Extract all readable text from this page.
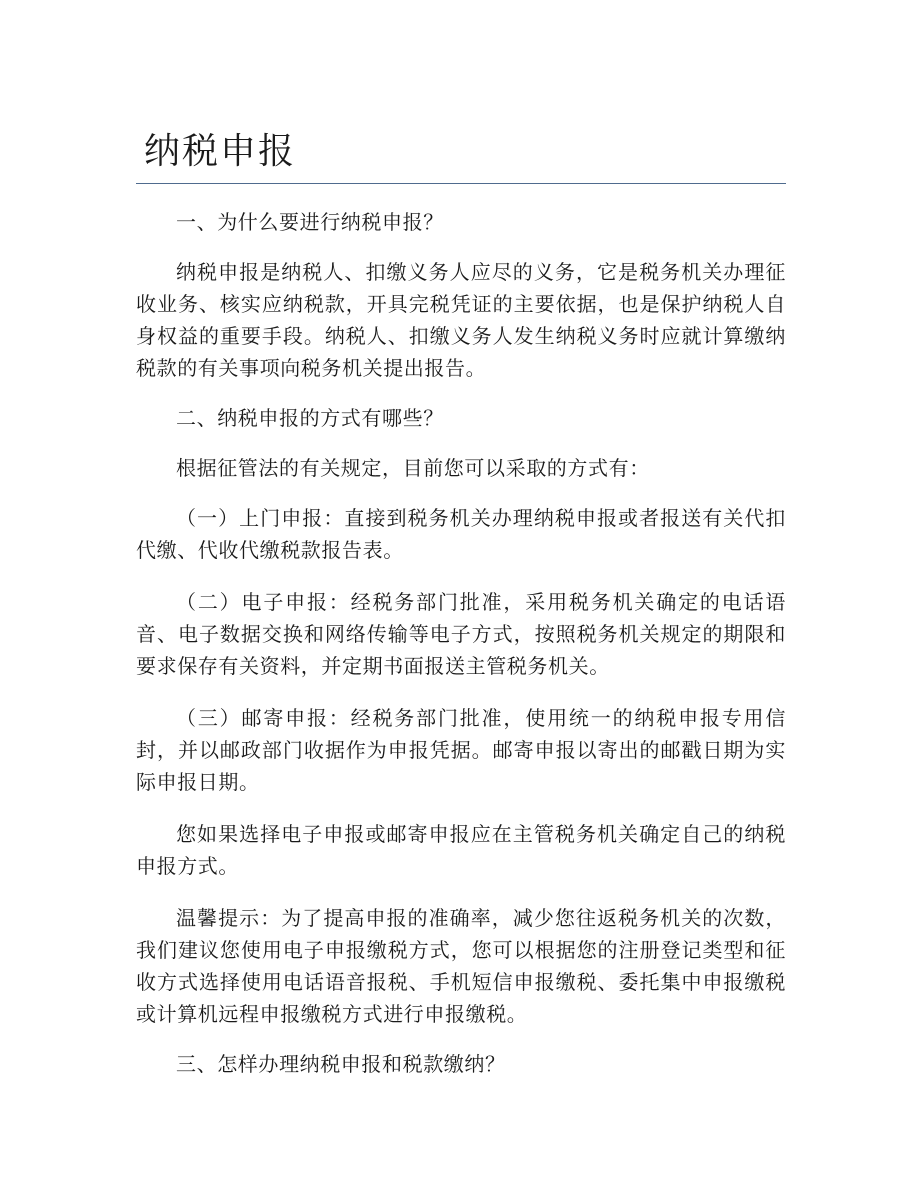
纳税申报

一、为什么要进行纳税申报？

纳税申报是纳税人、扣缴义务人应尽的义务，它是税务机关办理征收业务、核实应纳税款，开具完税凭证的主要依据，也是保护纳税人自身权益的重要手段。纳税人、扣缴义务人发生纳税义务时应就计算缴纳税款的有关事项向税务机关提出报告。

二、纳税申报的方式有哪些？

根据征管法的有关规定，目前您可以采取的方式有：

（一）上门申报：直接到税务机关办理纳税申报或者报送有关代扣代缴、代收代缴税款报告表。

（二）电子申报：经税务部门批准，采用税务机关确定的电话语音、电子数据交换和网络传输等电子方式，按照税务机关规定的期限和要求保存有关资料，并定期书面报送主管税务机关。

（三）邮寄申报：经税务部门批准，使用统一的纳税申报专用信封，并以邮政部门收据作为申报凭据。邮寄申报以寄出的邮戳日期为实际申报日期。

您如果选择电子申报或邮寄申报应在主管税务机关确定自己的纳税申报方式。

温馨提示：为了提高申报的准确率，减少您往返税务机关的次数，我们建议您使用电子申报缴税方式，您可以根据您的注册登记类型和征收方式选择使用电话语音报税、手机短信申报缴税、委托集中申报缴税或计算机远程申报缴税方式进行申报缴税。

三、怎样办理纳税申报和税款缴纳？
